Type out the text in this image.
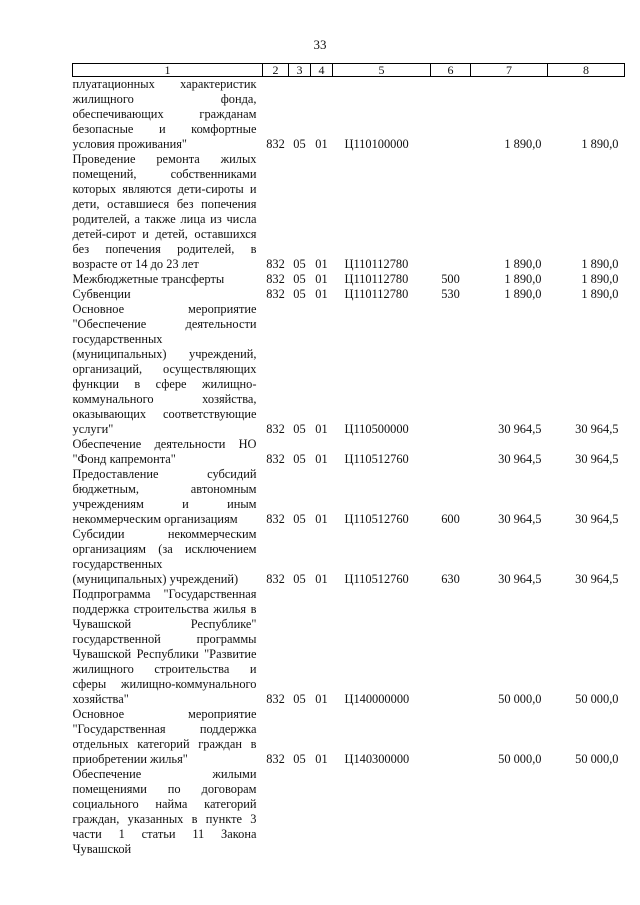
33
1	2	3	4	5	6	7	8
плуатационных характеристик жилищного фонда, обеспечивающих гражданам безопасные и комфортные условия проживания"	832	05	01	Ц110100000		1 890,0	1 890,0
Проведение ремонта жилых помещений, собственниками которых являются дети-сироты и дети, оставшиеся без попечения родителей, а также лица из числа детей-сирот и детей, оставшихся без попечения родителей, в возрасте от 14 до 23 лет	832	05	01	Ц110112780		1 890,0	1 890,0
Межбюджетные трансферты	832	05	01	Ц110112780	500	1 890,0	1 890,0
Субвенции	832	05	01	Ц110112780	530	1 890,0	1 890,0
Основное мероприятие "Обеспечение деятельности государственных (муниципальных) учреждений, организаций, осуществляющих функции в сфере жилищно-коммунального хозяйства, оказывающих соответствующие услуги"	832	05	01	Ц110500000		30 964,5	30 964,5
Обеспечение деятельности НО "Фонд капремонта"	832	05	01	Ц110512760		30 964,5	30 964,5
Предоставление субсидий бюджетным, автономным учреждениям и иным некоммерческим организациям	832	05	01	Ц110512760	600	30 964,5	30 964,5
Субсидии некоммерческим организациям (за исключением государственных (муниципальных) учреждений)	832	05	01	Ц110512760	630	30 964,5	30 964,5
Подпрограмма "Государственная поддержка строительства жилья в Чувашской Республике" государственной программы Чувашской Республики "Развитие жилищного строительства и сферы жилищно-коммунального хозяйства"	832	05	01	Ц140000000		50 000,0	50 000,0
Основное мероприятие "Государственная поддержка отдельных категорий граждан в приобретении жилья"	832	05	01	Ц140300000		50 000,0	50 000,0
Обеспечение жилыми помещениями по договорам социального найма категорий граждан, указанных в пункте 3 части 1 статьи 11 Закона Чувашской							
